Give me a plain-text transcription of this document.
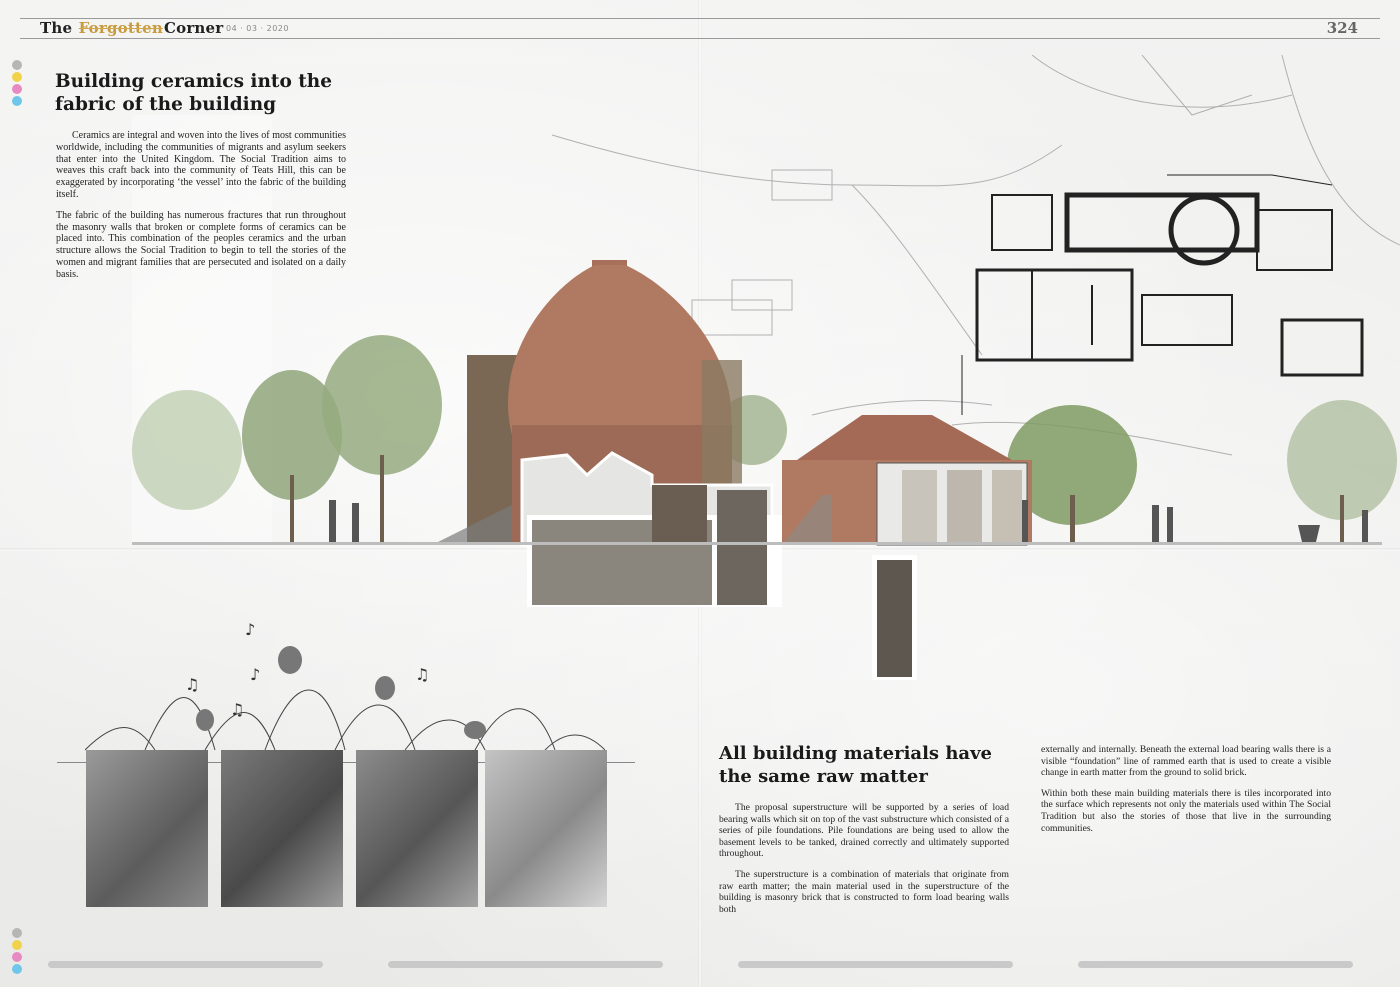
The ForgottenCorner 04 · 03 · 2020	324
Building ceramics into the fabric of the building

Ceramics are integral and woven into the lives of most communities worldwide, including the communities of migrants and asylum seekers that enter into the United Kingdom. The Social Tradition aims to weaves this craft back into the community of Teats Hill, this can be exaggerated by incorporating ‘the vessel’ into the fabric of the building itself.

The fabric of the building has numerous fractures that run throughout the masonry walls that broken or complete forms of ceramics can be placed into. This combination of the peoples ceramics and the urban structure allows the Social Tradition to begin to tell the stories of the women and migrant families that are persecuted and isolated on a daily basis.

♪
♫
♫
♫
♪
All building materials have the same raw matter

The proposal superstructure will be supported by a series of load bearing walls which sit on top of the vast substructure which consisted of a series of pile foundations. Pile foundations are being used to allow the basement levels to be tanked, drained correctly and ultimately supported throughout.

The superstructure is a combination of materials that originate from raw earth matter; the main material used in the superstructure of the building is masonry brick that is constructed to form load bearing walls both

externally and internally. Beneath the external load bearing walls there is a visible “foundation” line of rammed earth that is used to create a visible change in earth matter from the ground to solid brick.

Within both these main building materials there is tiles incorporated into the surface which represents not only the materials used within The Social Tradition but also the stories of those that live in the surrounding communities.
